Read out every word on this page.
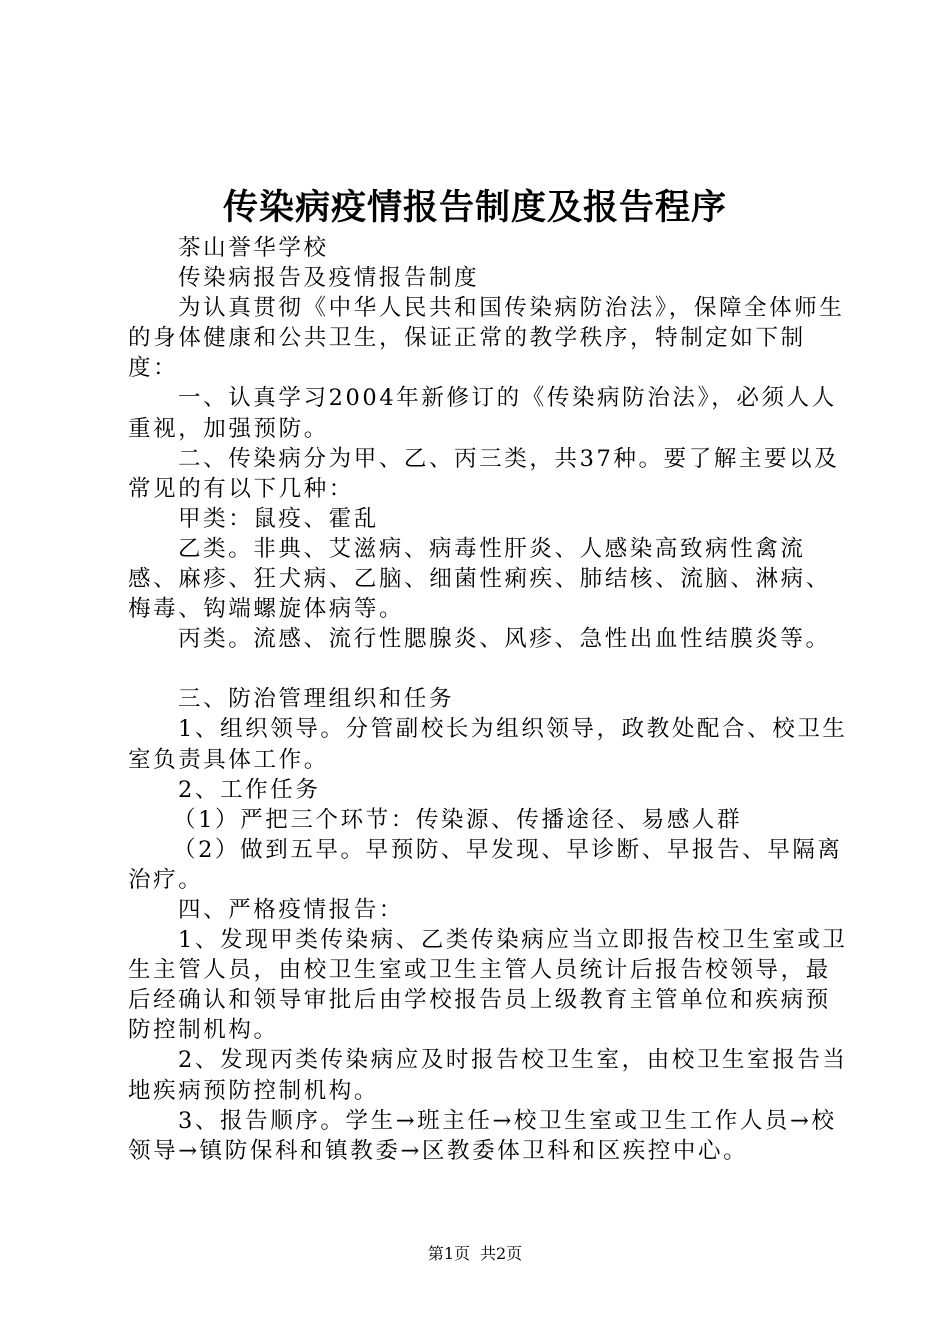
传染病疫情报告制度及报告程序

茶山誉华学校

传染病报告及疫情报告制度

为认真贯彻《中华人民共和国传染病防治法》，保障全体师生的身体健康和公共卫生，保证正常的教学秩序，特制定如下制度：

一、认真学习2004年新修订的《传染病防治法》，必须人人重视，加强预防。

二、传染病分为甲、乙、丙三类，共37种。要了解主要以及常见的有以下几种：

甲类：鼠疫、霍乱

乙类。非典、艾滋病、病毒性肝炎、人感染高致病性禽流感、麻疹、狂犬病、乙脑、细菌性痢疾、肺结核、流脑、淋病、梅毒、钩端螺旋体病等。

丙类。流感、流行性腮腺炎、风疹、急性出血性结膜炎等。

三、防治管理组织和任务

1、组织领导。分管副校长为组织领导，政教处配合、校卫生室负责具体工作。

2、工作任务

（1）严把三个环节：传染源、传播途径、易感人群

（2）做到五早。早预防、早发现、早诊断、早报告、早隔离治疗。

四、严格疫情报告：

1、发现甲类传染病、乙类传染病应当立即报告校卫生室或卫生主管人员，由校卫生室或卫生主管人员统计后报告校领导，最后经确认和领导审批后由学校报告员上级教育主管单位和疾病预防控制机构。

2、发现丙类传染病应及时报告校卫生室，由校卫生室报告当地疾病预防控制机构。

3、报告顺序。学生→班主任→校卫生室或卫生工作人员→校领导→镇防保科和镇教委→区教委体卫科和区疾控中心。

第1页 共2页
